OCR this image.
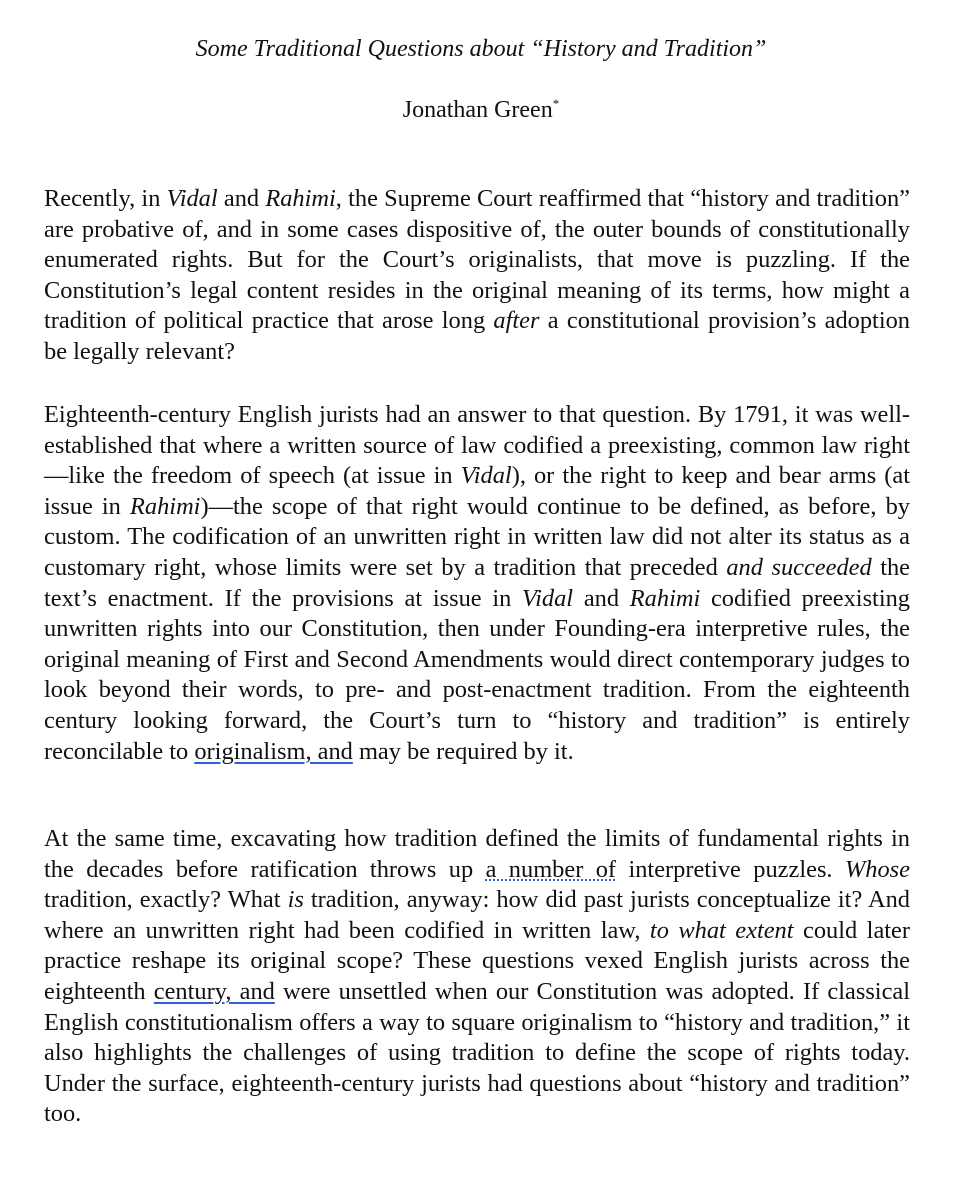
Some Traditional Questions about “History and Tradition”
Jonathan Green*

Recently, in Vidal and Rahimi, the Supreme Court reaffirmed that “history and tradition” are probative of, and in some cases dispositive of, the outer bounds of constitutionally enumerated rights. But for the Court’s originalists, that move is puzzling. If the Constitution’s legal content resides in the original meaning of its terms, how might a tradition of political practice that arose long after a constitutional provision’s adoption be legally relevant?

Eighteenth-century English jurists had an answer to that question. By 1791, it was well-established that where a written source of law codified a preexisting, common law right—like the freedom of speech (at issue in Vidal), or the right to keep and bear arms (at issue in Rahimi)—the scope of that right would continue to be defined, as before, by custom. The codification of an unwritten right in written law did not alter its status as a customary right, whose limits were set by a tradition that preceded and succeeded the text’s enactment. If the provisions at issue in Vidal and Rahimi codified preexisting unwritten rights into our Constitution, then under Founding-era interpretive rules, the original meaning of First and Second Amendments would direct contemporary judges to look beyond their words, to pre- and post-enactment tradition. From the eighteenth century looking forward, the Court’s turn to “history and tradition” is entirely reconcilable to originalism, and may be required by it.

At the same time, excavating how tradition defined the limits of fundamental rights in the decades before ratification throws up a number of interpretive puzzles. Whose tradition, exactly? What is tradition, anyway: how did past jurists conceptualize it? And where an unwritten right had been codified in written law, to what extent could later practice reshape its original scope? These questions vexed English jurists across the eighteenth century, and were unsettled when our Constitution was adopted. If classical English constitutionalism offers a way to square originalism to “history and tradition,” it also highlights the challenges of using tradition to define the scope of rights today. Under the surface, eighteenth-century jurists had questions about “history and tradition” too.
